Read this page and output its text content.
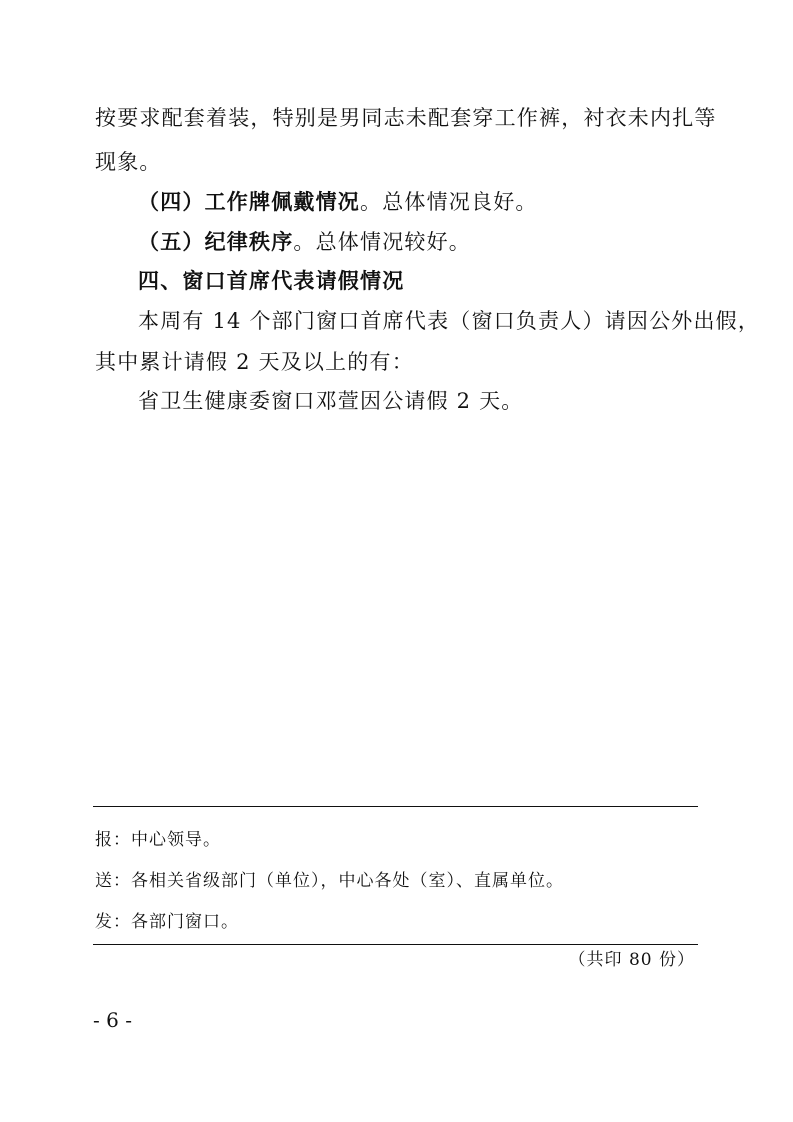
按要求配套着装，特别是男同志未配套穿工作裤，衬衣未内扎等
现象。
（四）工作牌佩戴情况。总体情况良好。
（五）纪律秩序。总体情况较好。
四、窗口首席代表请假情况
本周有 14 个部门窗口首席代表（窗口负责人）请因公外出假，
其中累计请假 2 天及以上的有：
省卫生健康委窗口邓萱因公请假 2 天。
报：中心领导。
送：各相关省级部门（单位），中心各处（室）、直属单位。
发：各部门窗口。
（共印 80 份）
- 6 -
